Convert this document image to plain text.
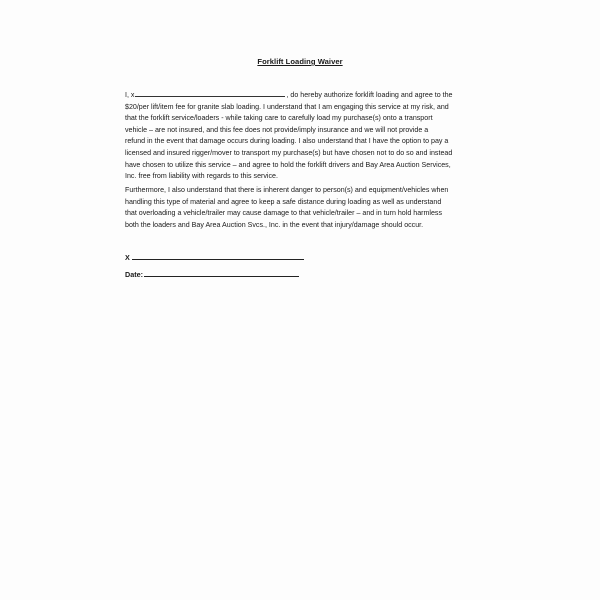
Forklift Loading Waiver

I, x	, do hereby authorize forklift loading and agree to the
$20/per lift/item fee for granite slab loading. I understand that I am engaging this service at my risk, and
that the forklift service/loaders - while taking care to carefully load my purchase(s) onto a transport
vehicle – are not insured, and this fee does not provide/imply insurance and we will not provide a
refund in the event that damage occurs during loading. I also understand that I have the option to pay a
licensed and insured rigger/mover to transport my purchase(s) but have chosen not to do so and instead
have chosen to utilize this service – and agree to hold the forklift drivers and Bay Area Auction Services,
Inc. free from liability with regards to this service.

Furthermore, I also understand that there is inherent danger to person(s) and equipment/vehicles when
handling this type of material and agree to keep a safe distance during loading as well as understand
that overloading a vehicle/trailer may cause damage to that vehicle/trailer – and in turn hold harmless
both the loaders and Bay Area Auction Svcs., Inc. in the event that injury/damage should occur.

X
Date:
